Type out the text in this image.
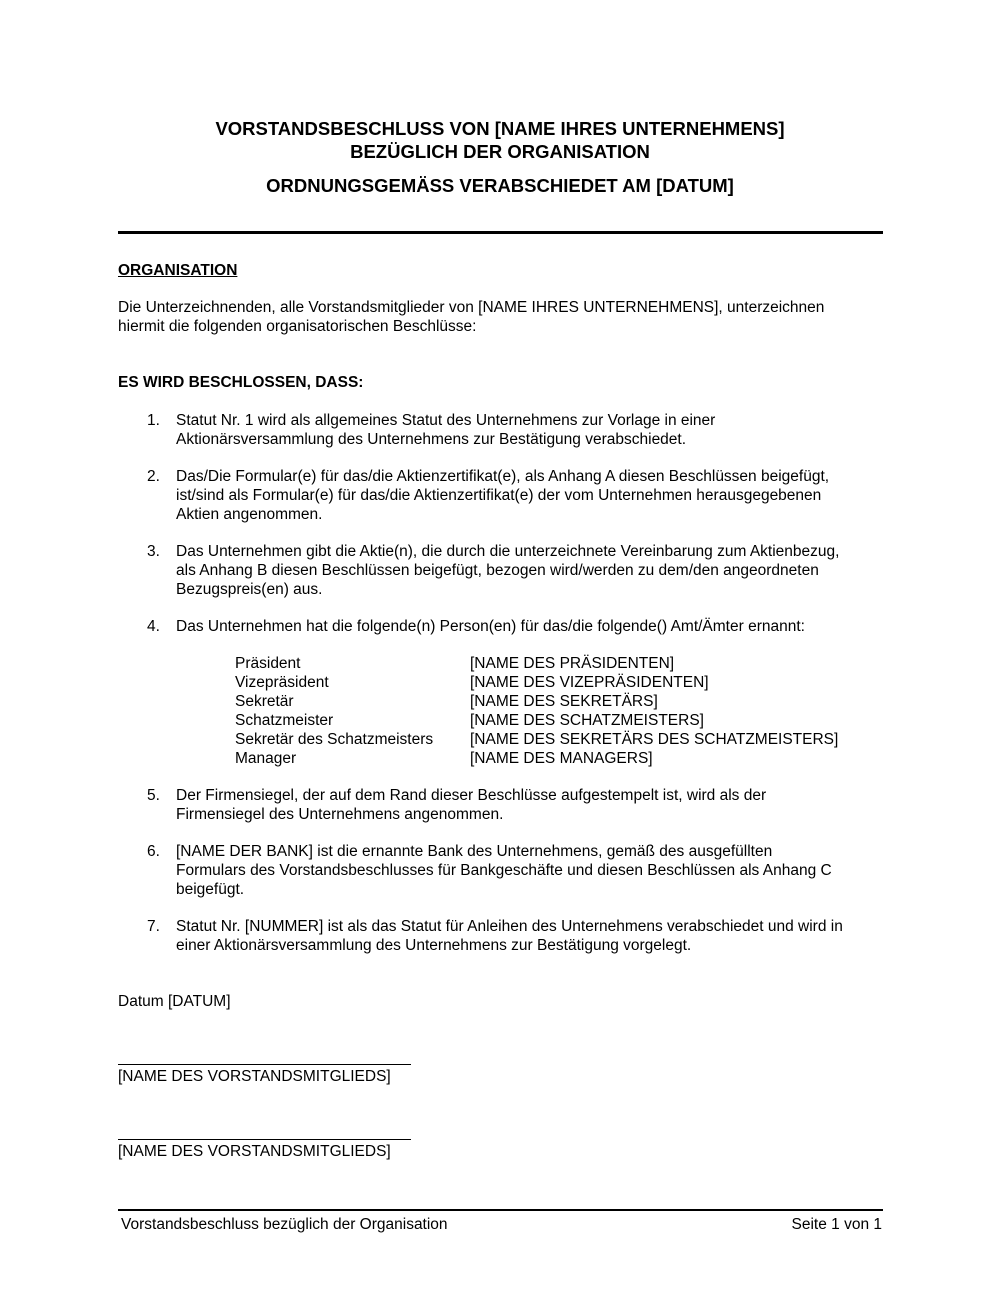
VORSTANDSBESCHLUSS VON [NAME IHRES UNTERNEHMENS]
BEZÜGLICH DER ORGANISATION
ORDNUNGSGEMÄSS VERABSCHIEDET AM [DATUM]
ORGANISATION
Die Unterzeichnenden, alle Vorstandsmitglieder von [NAME IHRES UNTERNEHMENS], unterzeichnen
hiermit die folgenden organisatorischen Beschlüsse:
ES WIRD BESCHLOSSEN, DASS:
1. Statut Nr. 1 wird als allgemeines Statut des Unternehmens zur Vorlage in einer
Aktionärsversammlung des Unternehmens zur Bestätigung verabschiedet.
2. Das/Die Formular(e) für das/die Aktienzertifikat(e), als Anhang A diesen Beschlüssen beigefügt,
ist/sind als Formular(e) für das/die Aktienzertifikat(e) der vom Unternehmen herausgegebenen
Aktien angenommen.
3. Das Unternehmen gibt die Aktie(n), die durch die unterzeichnete Vereinbarung zum Aktienbezug,
als Anhang B diesen Beschlüssen beigefügt, bezogen wird/werden zu dem/den angeordneten
Bezugspreis(en) aus.
4. Das Unternehmen hat die folgende(n) Person(en) für das/die folgende() Amt/Ämter ernannt:
Präsident	[NAME DES PRÄSIDENTEN]
Vizepräsident	[NAME DES VIZEPRÄSIDENTEN]
Sekretär	[NAME DES SEKRETÄRS]
Schatzmeister	[NAME DES SCHATZMEISTERS]
Sekretär des Schatzmeisters [NAME DES SEKRETÄRS DES SCHATZMEISTERS]
Manager	[NAME DES MANAGERS]
5. Der Firmensiegel, der auf dem Rand dieser Beschlüsse aufgestempelt ist, wird als der
Firmensiegel des Unternehmens angenommen.
6. [NAME DER BANK] ist die ernannte Bank des Unternehmens, gemäß des ausgefüllten
Formulars des Vorstandsbeschlusses für Bankgeschäfte und diesen Beschlüssen als Anhang C
beigefügt.
7. Statut Nr. [NUMMER] ist als das Statut für Anleihen des Unternehmens verabschiedet und wird in
einer Aktionärsversammlung des Unternehmens zur Bestätigung vorgelegt.
Datum [DATUM]
[NAME DES VORSTANDSMITGLIEDS]
[NAME DES VORSTANDSMITGLIEDS]
Vorstandsbeschluss bezüglich der Organisation	Seite 1 von 1
